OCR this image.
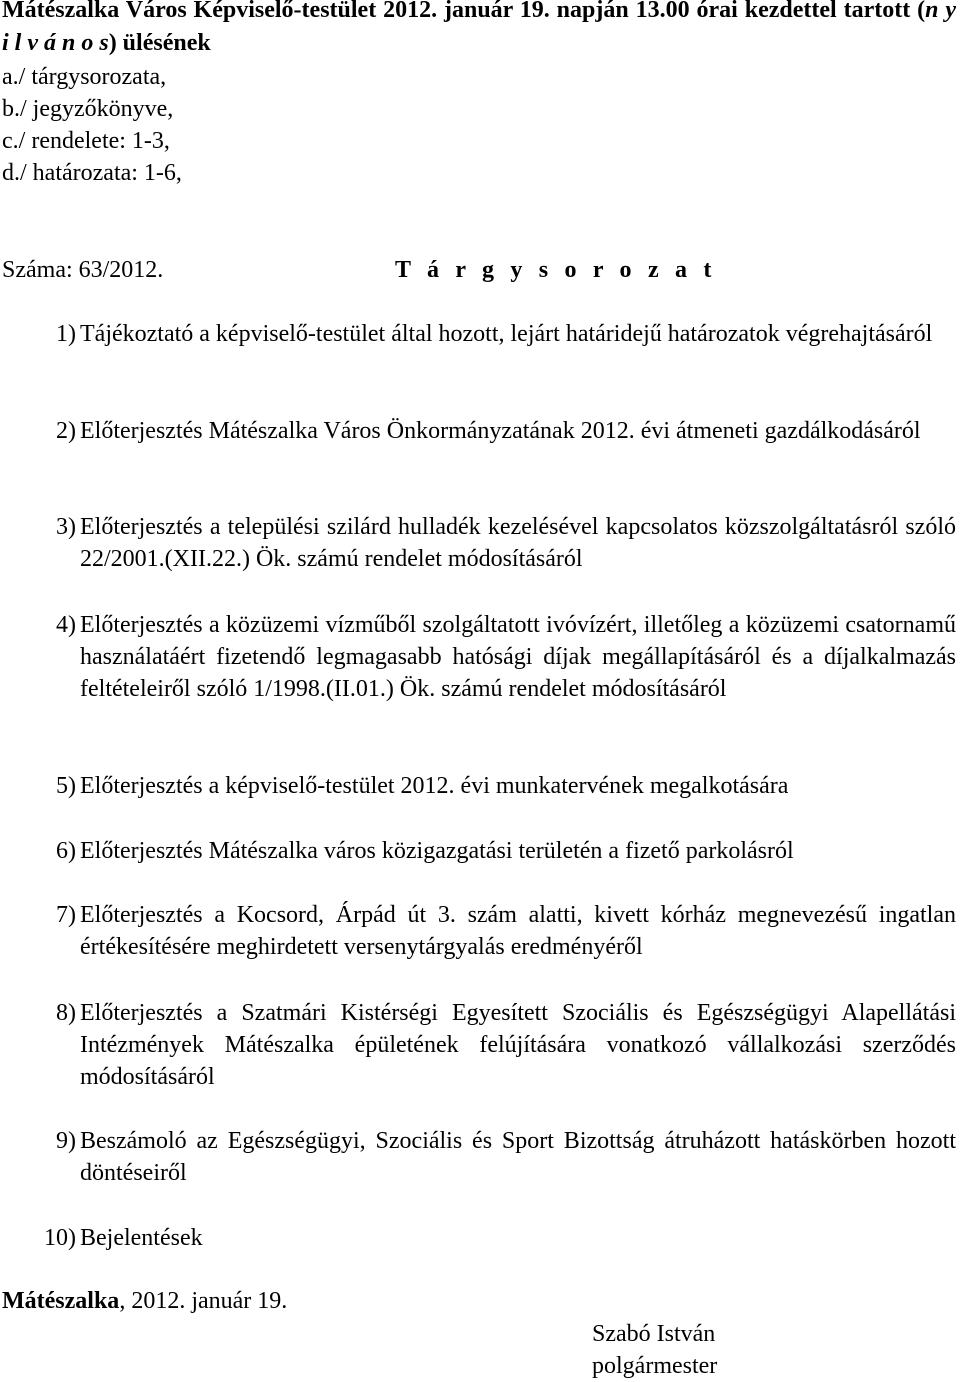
Mátészalka Város Képviselő-testület 2012. január 19. napján 13.00 órai kezdettel tartott (n y i l v á n o s) ülésének
a./ tárgysorozata,
b./ jegyzőkönyve,
c./ rendelete: 1-3,
d./ határozata: 1-6,
Száma: 63/2012.	T á r g y s o r o z a t
1) Tájékoztató a képviselő-testület által hozott, lejárt határidejű határozatok végrehajtásáról
2) Előterjesztés Mátészalka Város Önkormányzatának 2012. évi átmeneti gazdálkodásáról
3) Előterjesztés a települési szilárd hulladék kezelésével kapcsolatos közszolgáltatásról szóló 22/2001.(XII.22.) Ök. számú rendelet módosításáról
4) Előterjesztés a közüzemi vízműből szolgáltatott ivóvízért, illetőleg a közüzemi csatornamű használatáért fizetendő legmagasabb hatósági díjak megállapításáról és a díjalkalmazás feltételeiről szóló 1/1998.(II.01.) Ök. számú rendelet módosításáról
5) Előterjesztés a képviselő-testület 2012. évi munkatervének megalkotására
6) Előterjesztés Mátészalka város közigazgatási területén a fizető parkolásról
7) Előterjesztés a Kocsord, Árpád út 3. szám alatti, kivett kórház megnevezésű ingatlan értékesítésére meghirdetett versenytárgyalás eredményéről
8) Előterjesztés a Szatmári Kistérségi Egyesített Szociális és Egészségügyi Alapellátási Intézmények Mátészalka épületének felújítására vonatkozó vállalkozási szerződés módosításáról
9) Beszámoló az Egészségügyi, Szociális és Sport Bizottság átruházott hatáskörben hozott döntéseiről
10) Bejelentések
Mátészalka, 2012. január 19.
Szabó István
polgármester
